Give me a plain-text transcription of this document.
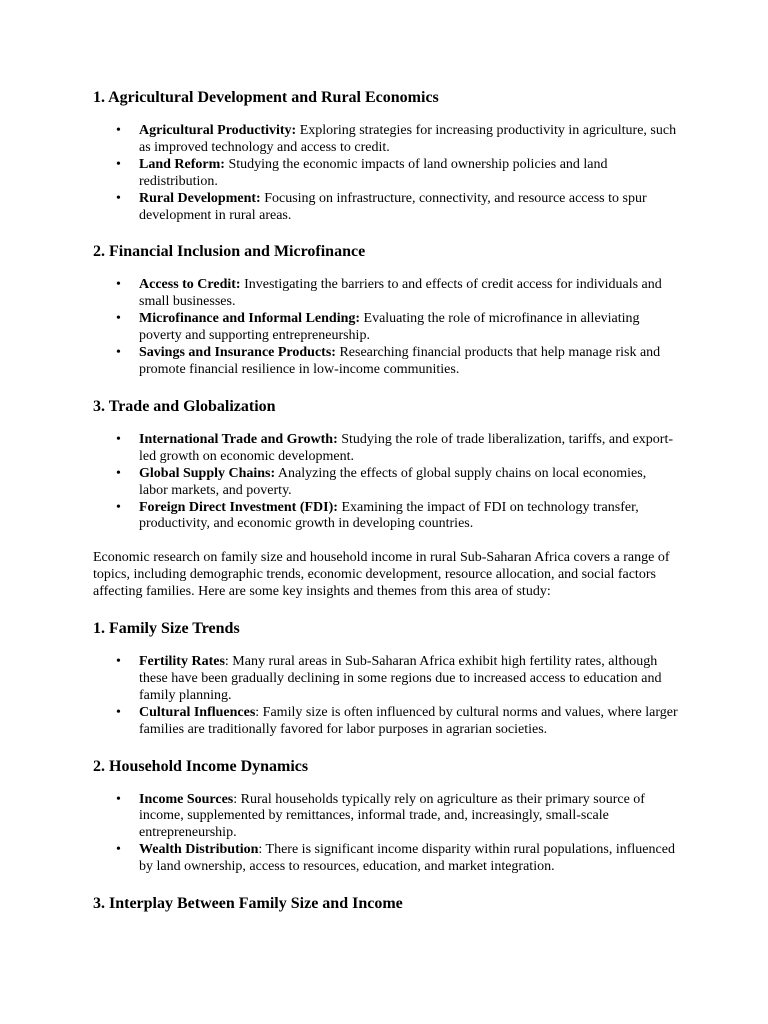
1. Agricultural Development and Rural Economics
• Agricultural Productivity: Exploring strategies for increasing productivity in agriculture, such as improved technology and access to credit.
• Land Reform: Studying the economic impacts of land ownership policies and land redistribution.
• Rural Development: Focusing on infrastructure, connectivity, and resource access to spur development in rural areas.
2. Financial Inclusion and Microfinance
• Access to Credit: Investigating the barriers to and effects of credit access for individuals and small businesses.
• Microfinance and Informal Lending: Evaluating the role of microfinance in alleviating poverty and supporting entrepreneurship.
• Savings and Insurance Products: Researching financial products that help manage risk and promote financial resilience in low-income communities.
3. Trade and Globalization
• International Trade and Growth: Studying the role of trade liberalization, tariffs, and export-led growth on economic development.
• Global Supply Chains: Analyzing the effects of global supply chains on local economies, labor markets, and poverty.
• Foreign Direct Investment (FDI): Examining the impact of FDI on technology transfer, productivity, and economic growth in developing countries.

Economic research on family size and household income in rural Sub-Saharan Africa covers a range of topics, including demographic trends, economic development, resource allocation, and social factors affecting families. Here are some key insights and themes from this area of study:

1. Family Size Trends
• Fertility Rates: Many rural areas in Sub-Saharan Africa exhibit high fertility rates, although these have been gradually declining in some regions due to increased access to education and family planning.
• Cultural Influences: Family size is often influenced by cultural norms and values, where larger families are traditionally favored for labor purposes in agrarian societies.
2. Household Income Dynamics
• Income Sources: Rural households typically rely on agriculture as their primary source of income, supplemented by remittances, informal trade, and, increasingly, small-scale entrepreneurship.
• Wealth Distribution: There is significant income disparity within rural populations, influenced by land ownership, access to resources, education, and market integration.
3. Interplay Between Family Size and Income
